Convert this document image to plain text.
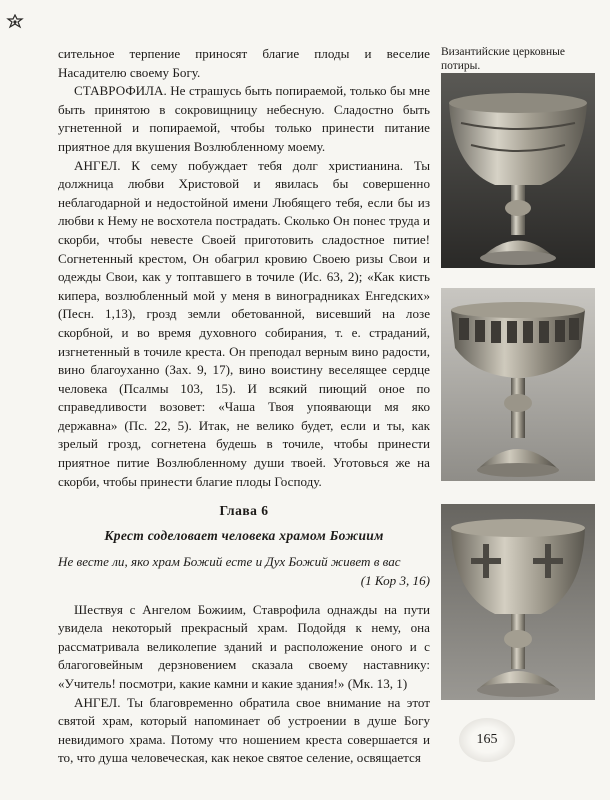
сительное терпение приносят благие плоды и веселие Насадителю своему Богу.

СТАВРОФИЛА. Не страшусь быть попираемой, только бы мне быть принятою в сокровищницу небесную. Сладостно быть угнетенной и попираемой, чтобы только принести питание приятное для вкушения Возлюбленному моему.

АНГЕЛ. К сему побуждает тебя долг христианина. Ты должница любви Христовой и явилась бы совершенно неблагодарной и недостойной имени Любящего тебя, если бы из любви к Нему не восхотела пострадать. Сколько Он понес труда и скорби, чтобы невесте Своей приготовить сладостное питие! Согнетенный крестом, Он обагрил кровию Своею ризы Свои и одежды Свои, как у топтавшего в точиле (Ис. 63, 2); «Как кисть кипера, возлюбленный мой у меня в виноградниках Енгедских» (Песн. 1,13), грозд земли обетованной, висевший на лозе скорбной, и во время духовного собирания, т. е. страданий, изгнетенный в точиле креста. Он преподал верным вино радости, вино благоуханно (Зах. 9, 17), вино воистину веселящее сердце человека (Псалмы 103, 15). И всякий пиющий оное по справедливости возовет: «Чаша Твоя упоявающи мя яко державна» (Пс. 22, 5). Итак, не велико будет, если и ты, как зрелый грозд, согнетена будешь в точиле, чтобы принести приятное питие Возлюбленному души твоей. Уготовься же на скорби, чтобы принести благие плоды Господу.

Глава 6
Крест соделовает человека храмом Божиим
Не весте ли, яко храм Божий есте и Дух Божий живет в вас
(1 Кор 3, 16)

Шествуя с Ангелом Божиим, Ставрофила однажды на пути увидела некоторый прекрасный храм. Подойдя к нему, она рассматривала великолепие зданий и расположение оного и с благоговейным дерзновением сказала своему наставнику: «Учитель! посмотри, какие камни и какие здания!» (Мк. 13, 1)

АНГЕЛ. Ты благовременно обратила свое внимание на этот святой храм, который напоминает об устроении в душе Богу невидимого храма. Потому что ношением креста совершается и то, что душа человеческая, как некое святое селение, освящается

Византийские церковные потиры.
165
